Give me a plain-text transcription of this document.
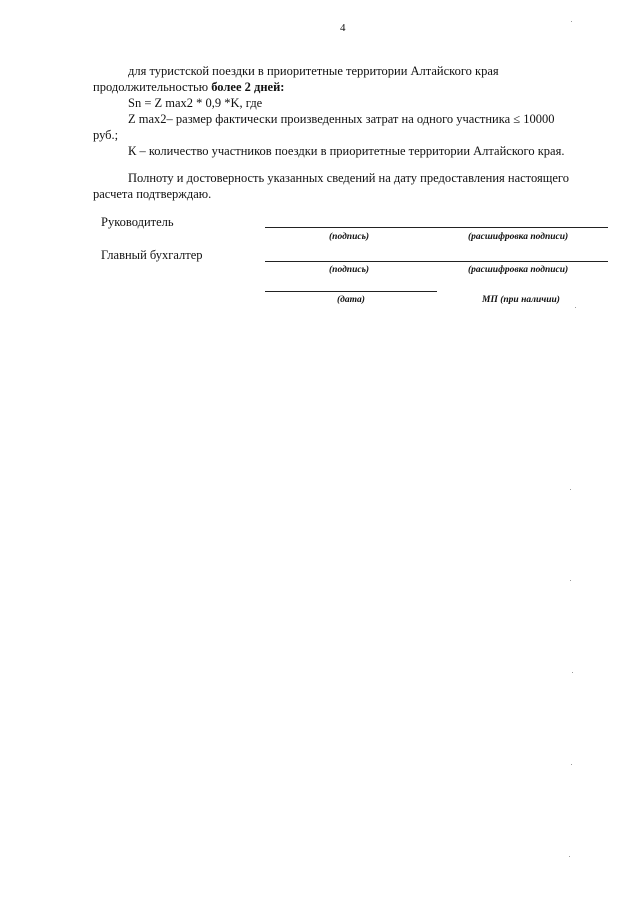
4
для туристской поездки в приоритетные территории Алтайского края
продолжительностью более 2 дней:
Sn = Z max2 * 0,9 *K, где
Z max2– размер фактически произведенных затрат на одного участника ≤ 10000
руб.;
К – количество участников поездки в приоритетные территории Алтайского края.
Полноту и достоверность указанных сведений на дату предоставления настоящего
расчета подтверждаю.
Руководитель
(подпись)	(расшифровка подписи)
Главный бухгалтер
(подпись)	(расшифровка подписи)
(дата)	МП (при наличии)
